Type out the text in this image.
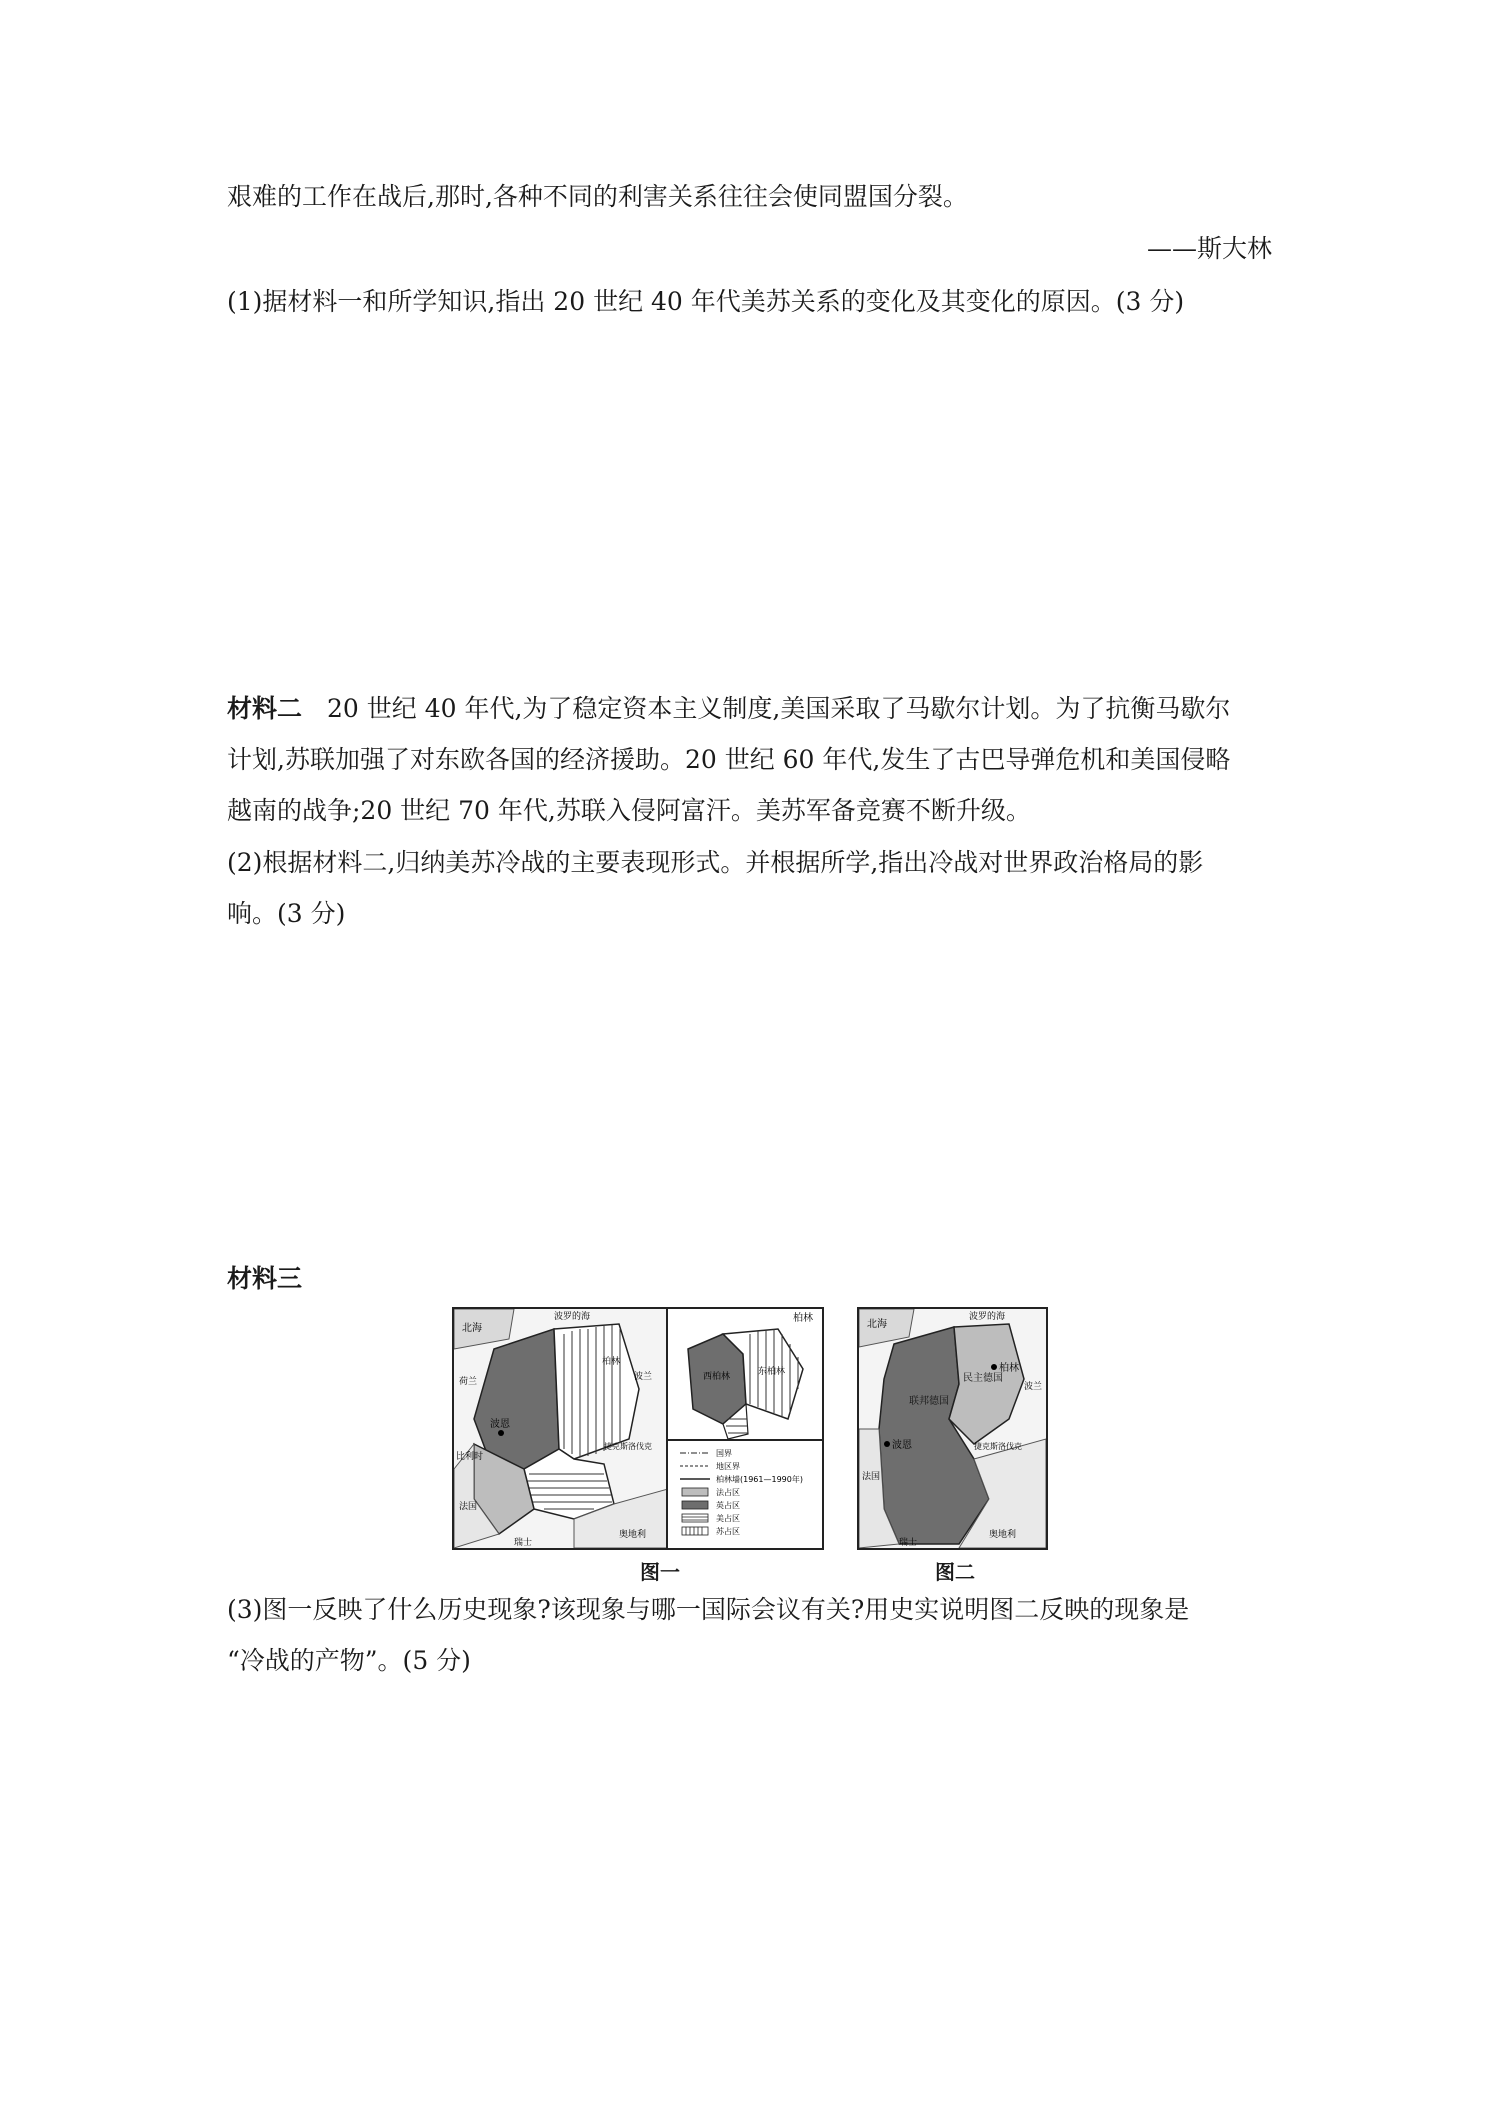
艰难的工作在战后,那时,各种不同的利害关系往往会使同盟国分裂。
——斯大林
(1)据材料一和所学知识,指出 20 世纪 40 年代美苏关系的变化及其变化的原因。(3 分)
材料二 20 世纪 40 年代,为了稳定资本主义制度,美国采取了马歇尔计划。为了抗衡马歇尔
计划,苏联加强了对东欧各国的经济援助。20 世纪 60 年代,发生了古巴导弹危机和美国侵略
越南的战争;20 世纪 70 年代,苏联入侵阿富汗。美苏军备竞赛不断升级。
(2)根据材料二,归纳美苏冷战的主要表现形式。并根据所学,指出冷战对世界政治格局的影
响。(3 分)
材料三
北海
波罗的海
波恩
柏林
奥地利
瑞士
波兰
荷兰
比利时
法国
捷克斯洛伐克
柏林
西柏林	东柏林
国界
地区界
柏林墙(1961—1990年)
法占区
英占区
美占区
苏占区
北海
波罗的海
联邦德国
民主德国
柏林
波恩	捷克斯洛伐克
瑞士
奥地利
波兰
法国
图一	图二
(3)图一反映了什么历史现象?该现象与哪一国际会议有关?用史实说明图二反映的现象是
“冷战的产物”。(5 分)
